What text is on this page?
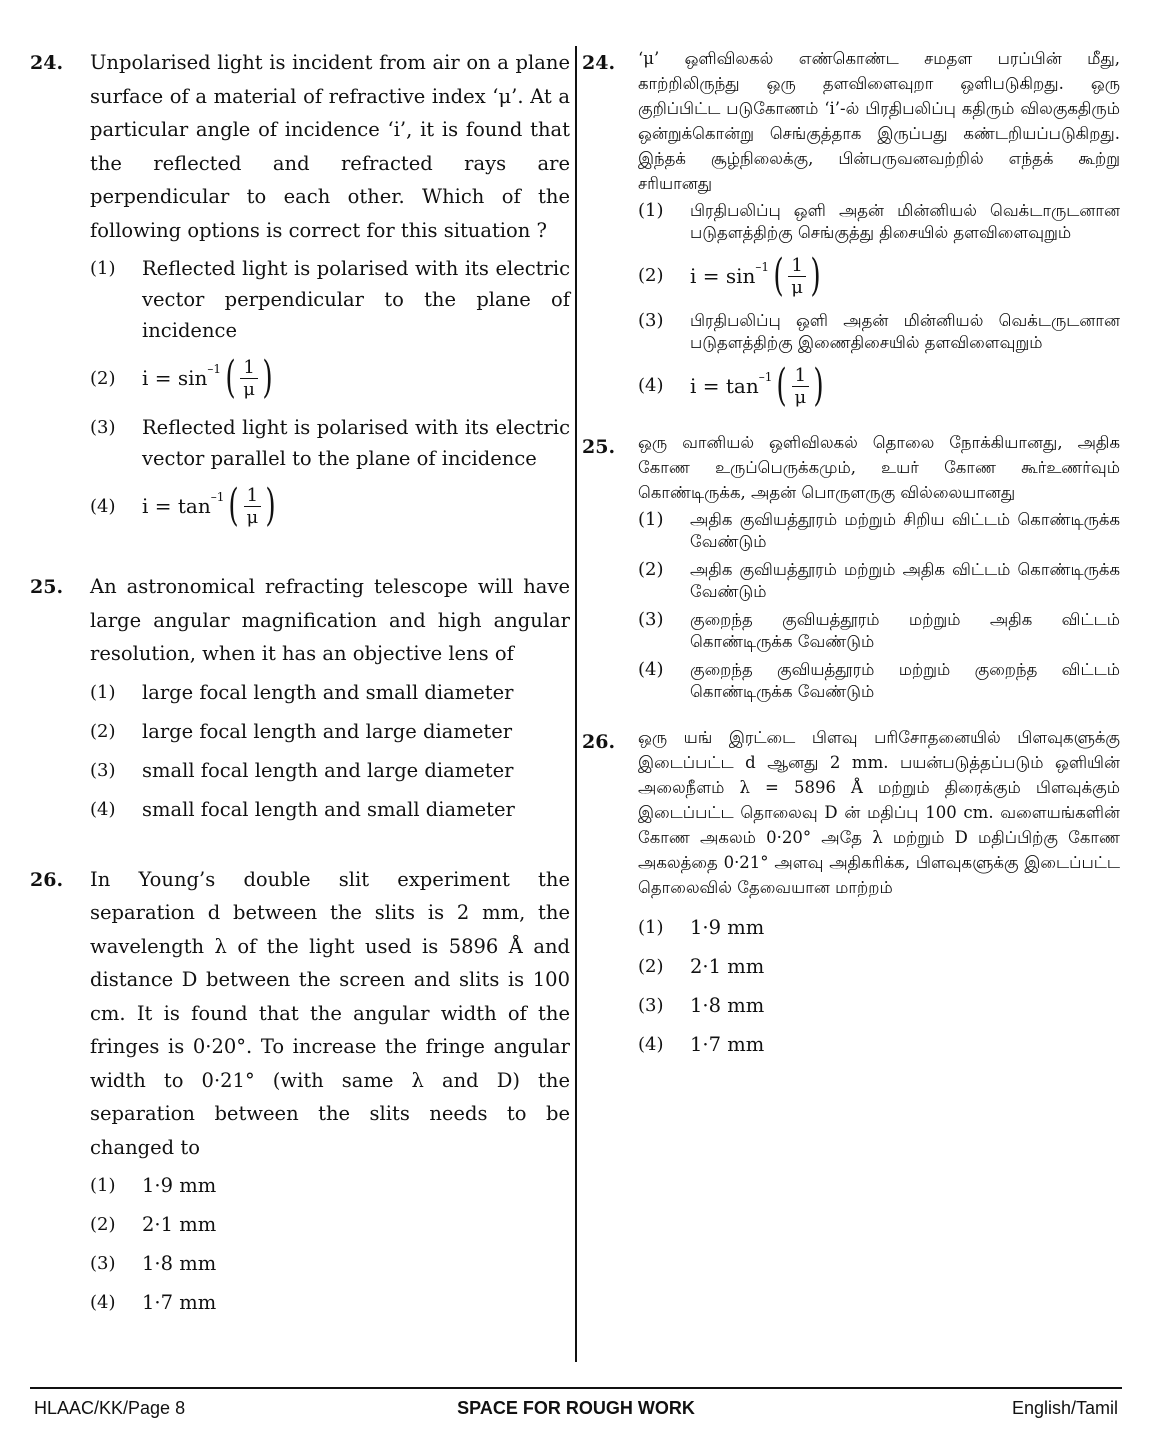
24. Unpolarised light is incident from air on a plane surface of a material of refractive index ‘μ’. At a particular angle of incidence ‘i’, it is found that the reflected and refracted rays are perpendicular to each other. Which of the following options is correct for this situation ?
(1)	Reflected light is polarised with its electric vector perpendicular to the plane of incidence
(2)	i = sin –1 ( $\frac{1}{\mu}$ )
(3)	Reflected light is polarised with its electric vector parallel to the plane of incidence
(4)	i = tan –1 ( $\frac{1}{\mu}$ )
25. An astronomical refracting telescope will have large angular magnification and high angular resolution, when it has an objective lens of
(1)	large focal length and small diameter
(2)	large focal length and large diameter
(3)	small focal length and large diameter
(4)	small focal length and small diameter
26. In Young’s double slit experiment the separation d between the slits is 2 mm, the wavelength λ of the light used is 5896 Å and distance D between the screen and slits is 100 cm. It is found that the angular width of the fringes is 0·20°. To increase the fringe angular width to 0·21° (with same λ and D) the separation between the slits needs to be changed to
(1)	1·9 mm
(2)	2·1 mm
(3)	1·8 mm
(4)	1·7 mm
24. ‘μ’ ஒளிவிலகல் எண்கொண்ட சமதள பரப்பின் மீது, காற்றிலிருந்து ஒரு தளவிளைவுறா ஒளிபடுகிறது. ஒரு குறிப்பிட்ட படுகோணம் ‘i’-ல் பிரதிபலிப்பு கதிரும் விலகுகதிரும் ஒன்றுக்கொன்று செங்குத்தாக இருப்பது கண்டறியப்படுகிறது. இந்தக் சூழ்நிலைக்கு, பின்பருவனவற்றில் எந்தக் கூற்று சரியானது
(1)	பிரதிபலிப்பு ஒளி அதன் மின்னியல் வெக்டாருடனான படுதளத்திற்கு செங்குத்து திசையில் தளவிளைவுறும்
(2)	i = sin –1 ( $\frac{1}{\mu}$ )
(3)	பிரதிபலிப்பு ஒளி அதன் மின்னியல் வெக்டருடனான படுதளத்திற்கு இணைதிசையில் தளவிளைவுறும்
(4)	i = tan –1 ( $\frac{1}{\mu}$ )
25. ஒரு வானியல் ஒளிவிலகல் தொலை நோக்கியானது, அதிக கோண உருப்பெருக்கமும், உயர் கோண கூர்உணர்வும் கொண்டிருக்க, அதன் பொருளருகு வில்லையானது
(1)	அதிக குவியத்தூரம் மற்றும் சிறிய விட்டம் கொண்டிருக்க வேண்டும்
(2)	அதிக குவியத்தூரம் மற்றும் அதிக விட்டம் கொண்டிருக்க வேண்டும்
(3)	குறைந்த குவியத்தூரம் மற்றும் அதிக விட்டம் கொண்டிருக்க வேண்டும்
(4)	குறைந்த குவியத்தூரம் மற்றும் குறைந்த விட்டம் கொண்டிருக்க வேண்டும்
26. ஒரு யங் இரட்டை பிளவு பரிசோதனையில் பிளவுகளுக்கு இடைப்பட்ட d ஆனது 2 mm. பயன்படுத்தப்படும் ஒளியின் அலைநீளம் λ = 5896 Å மற்றும் திரைக்கும் பிளவுக்கும் இடைப்பட்ட தொலைவு D ன் மதிப்பு 100 cm. வளையங்களின் கோண அகலம் 0·20° அதே λ மற்றும் D மதிப்பிற்கு கோண அகலத்தை 0·21° அளவு அதிகரிக்க, பிளவுகளுக்கு இடைப்பட்ட தொலைவில் தேவையான மாற்றம்
(1)	1·9 mm
(2)	2·1 mm
(3)	1·8 mm
(4)	1·7 mm
HLAAC/KK/Page 8	SPACE FOR ROUGH WORK	English/Tamil
